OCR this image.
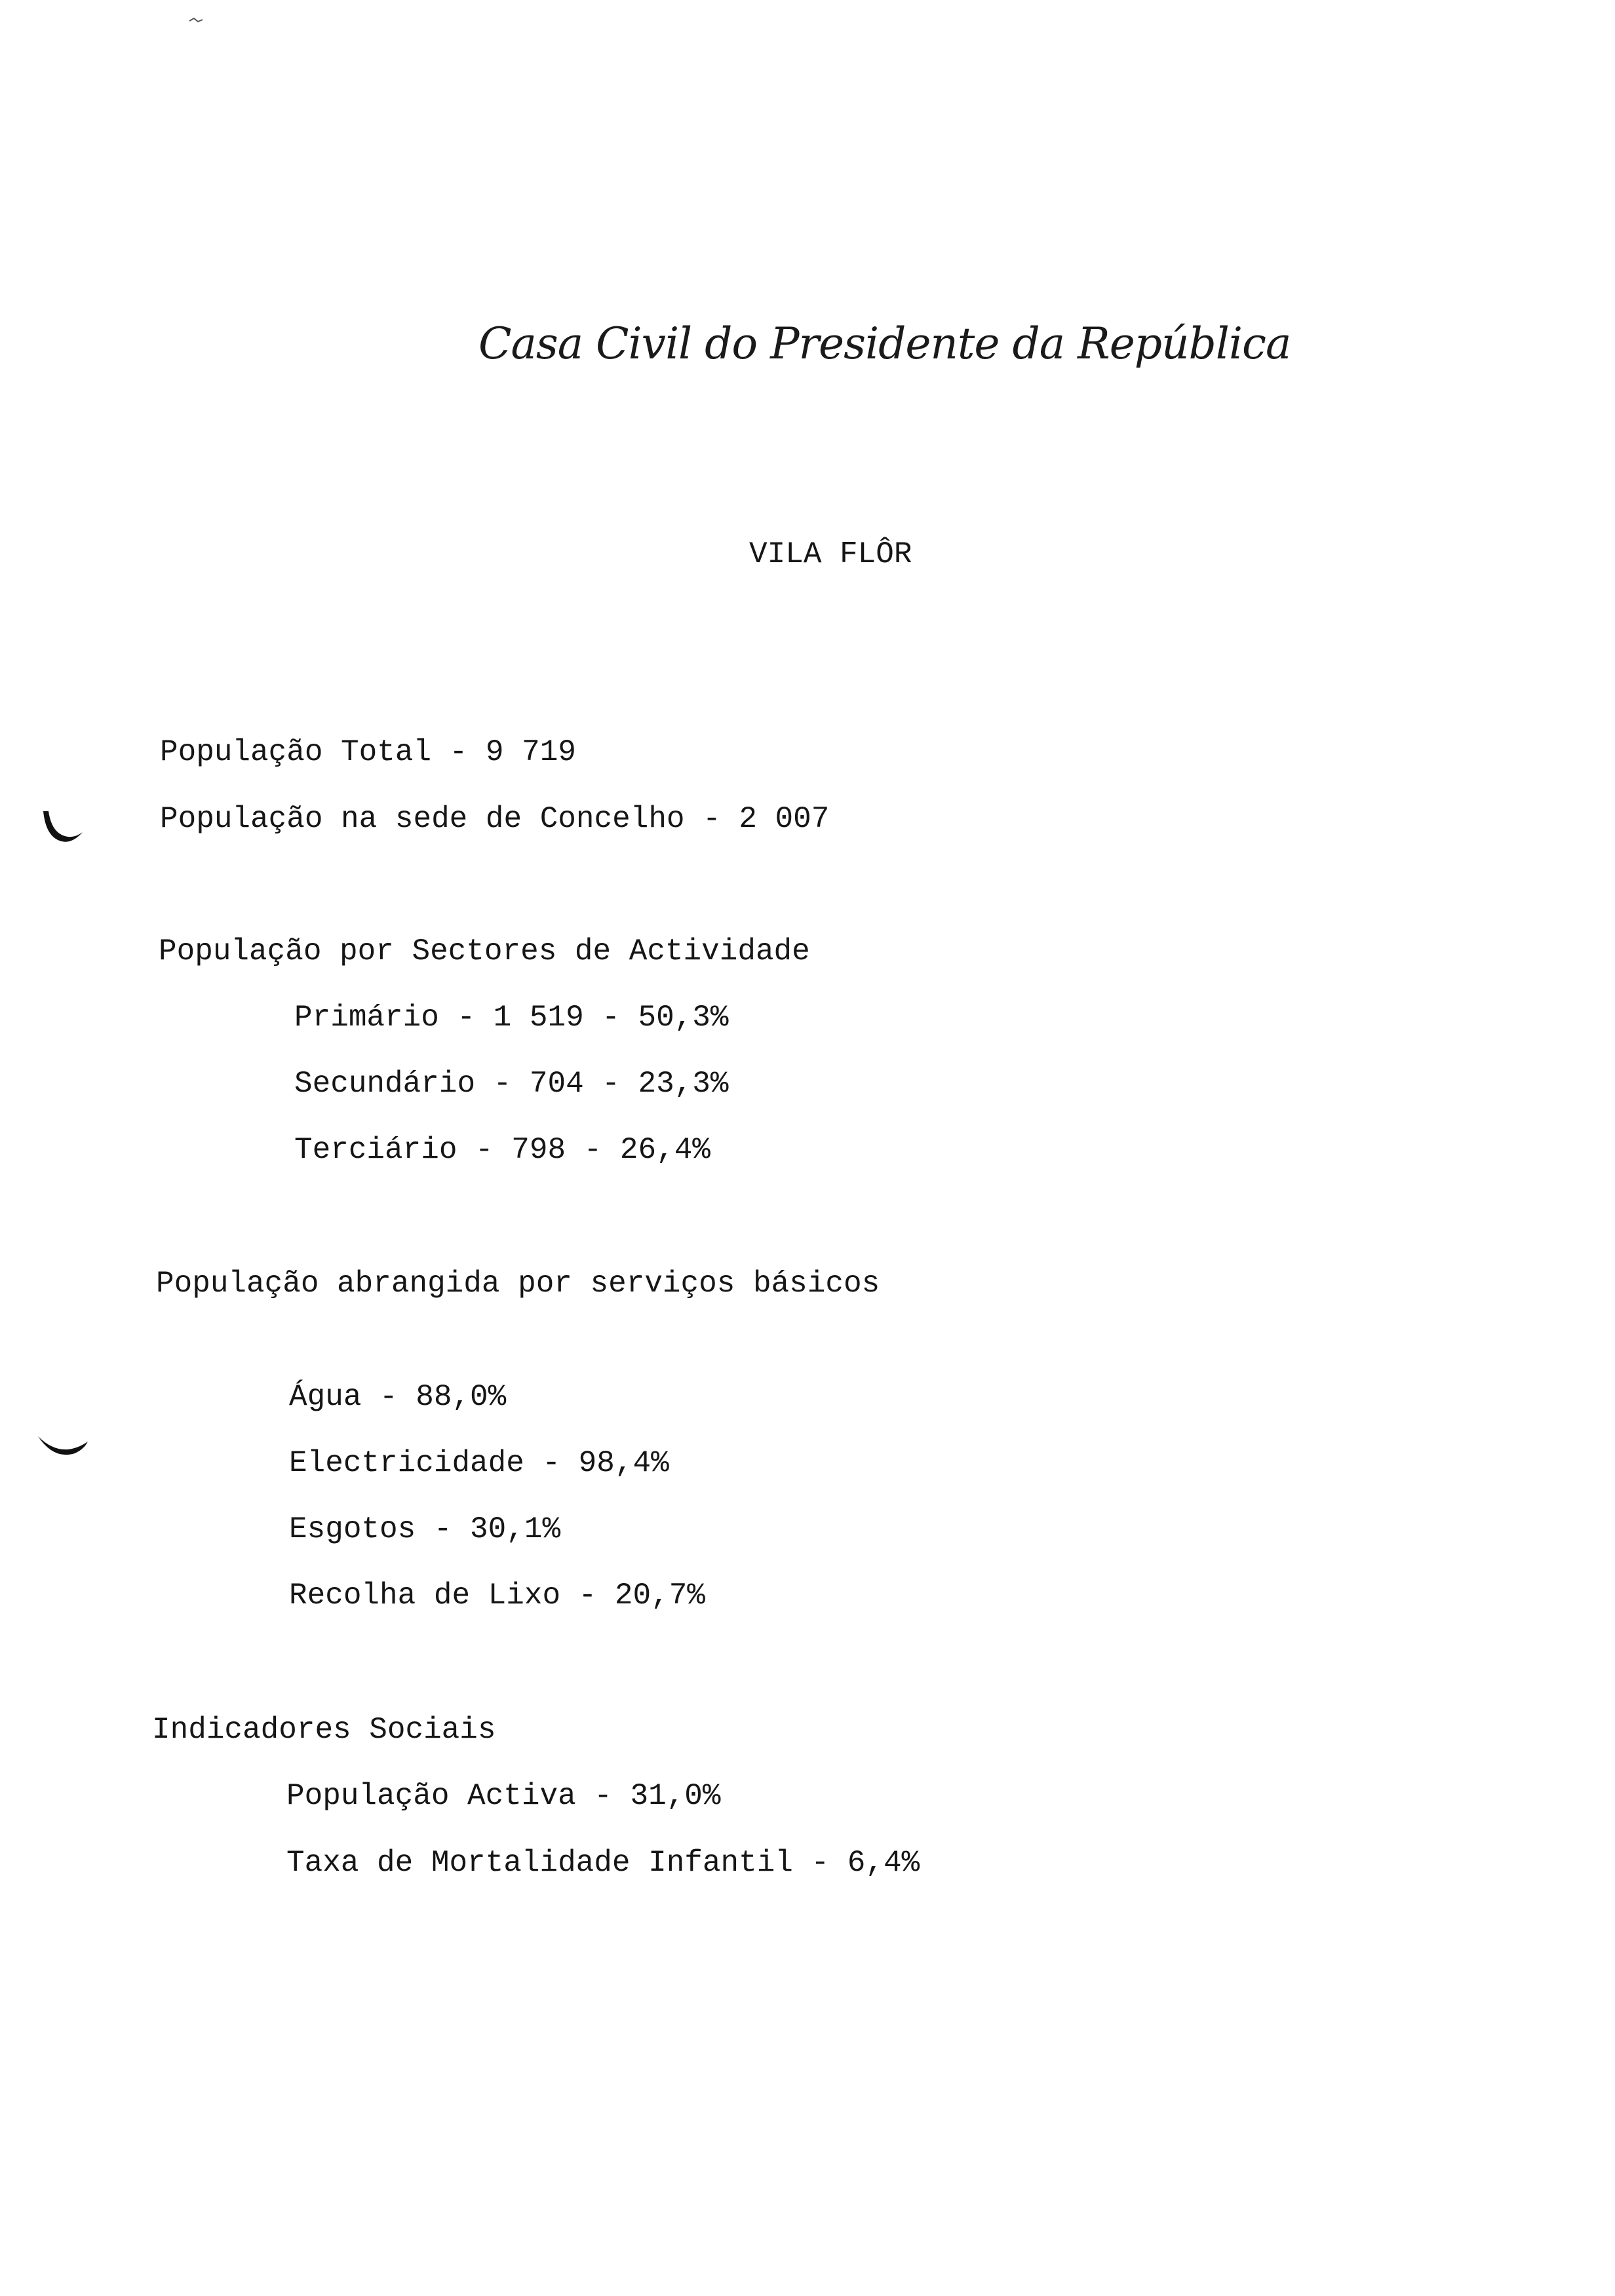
Casa Civil do Presidente da República
VILA FLÔR
População Total - 9 719
População na sede de Concelho - 2 007
População por Sectores de Actividade
Primário - 1 519 - 50,3%
Secundário - 704 - 23,3%
Terciário - 798 - 26,4%
População abrangida por serviços básicos
Água - 88,0%
Electricidade - 98,4%
Esgotos - 30,1%
Recolha de Lixo - 20,7%
Indicadores Sociais
População Activa - 31,0%
Taxa de Mortalidade Infantil - 6,4%
